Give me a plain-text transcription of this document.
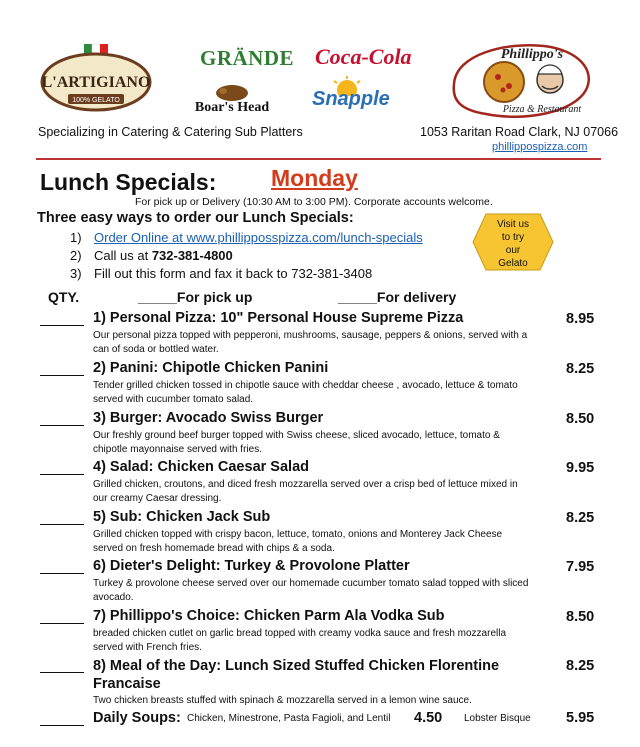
L'ARTIGIANO
100% GELATO
GRÄNDE
Boar's Head
Coca-Cola
Snapple
Phillippo's
Pizza & Restaurant
Specializing in Catering & Catering Sub Platters	1053 Raritan Road Clark, NJ 07066
phillippospizza.com
Lunch Specials: Monday
For pick up or Delivery (10:30 AM to 3:00 PM). Corporate accounts welcome.
Three easy ways to order our Lunch Specials:
1) Order Online at www.phillipposspizza.com/lunch-specials
2) Call us at 732-381-4800
3) Fill out this form and fax it back to 732-381-3408
Visit us
to try
our
Gelato
QTY.	_____For pick up	_____For delivery
1) Personal Pizza: 10" Personal House Supreme Pizza
Our personal pizza topped with pepperoni, mushrooms, sausage, peppers & onions, served with a can of soda or bottled water.
8.95
2) Panini: Chipotle Chicken Panini
Tender grilled chicken tossed in chipotle sauce with cheddar cheese , avocado, lettuce & tomato served with cucumber tomato salad.
8.25
3) Burger: Avocado Swiss Burger
Our freshly ground beef burger topped with Swiss cheese, sliced avocado, lettuce, tomato & chipotle mayonnaise served with fries.
8.50
4) Salad: Chicken Caesar Salad
Grilled chicken, croutons, and diced fresh mozzarella served over a crisp bed of lettuce mixed in our creamy Caesar dressing.
9.95
5) Sub: Chicken Jack Sub
Grilled chicken topped with crispy bacon, lettuce, tomato, onions and Monterey Jack Cheese served on fresh homemade bread with chips & a soda.
8.25
6) Dieter's Delight: Turkey & Provolone Platter
Turkey & provolone cheese served over our homemade cucumber tomato salad topped with sliced avocado.
7.95
7) Phillippo's Choice: Chicken Parm Ala Vodka Sub
breaded chicken cutlet on garlic bread topped with creamy vodka sauce and fresh mozzarella served with French fries.
8.50
8) Meal of the Day: Lunch Sized Stuffed Chicken Florentine Francaise
Two chicken breasts stuffed with spinach & mozzarella served in a lemon wine sauce.
8.25
Daily Soups: Chicken, Minestrone, Pasta Fagioli, and Lentil 4.50 Lobster Bisque 5.95
